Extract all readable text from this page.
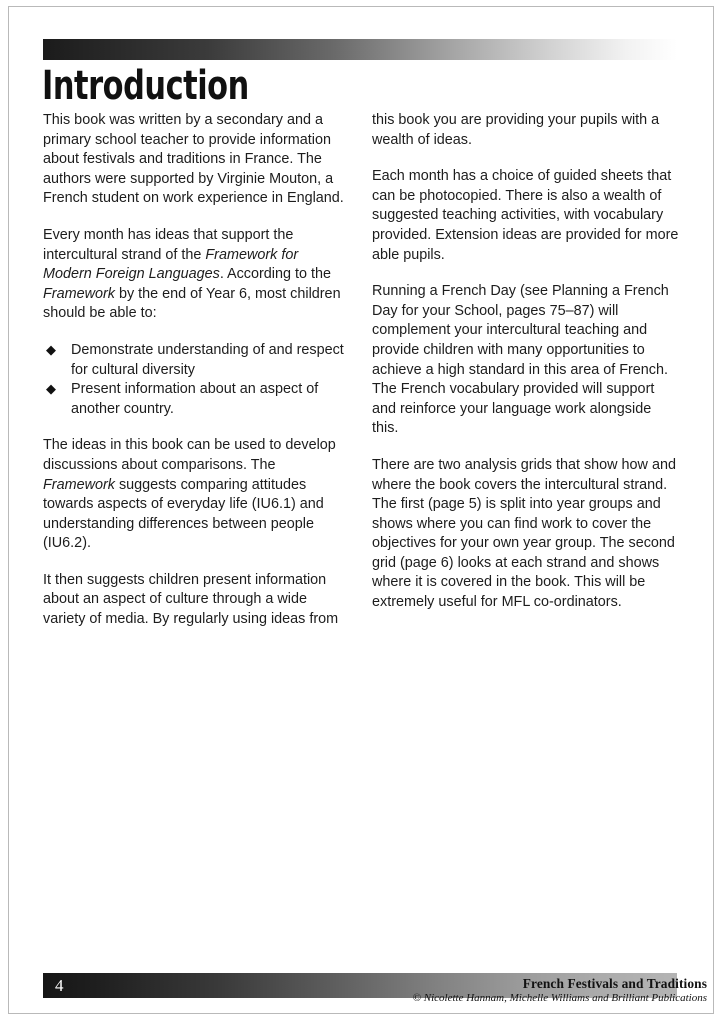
Introduction

This book was written by a secondary and a primary school teacher to provide information about festivals and traditions in France. The authors were supported by Virginie Mouton, a French student on work experience in England.

Every month has ideas that support the intercultural strand of the Framework for Modern Foreign Languages. According to the Framework by the end of Year 6, most children should be able to:

◆ Demonstrate understanding of and respect for cultural diversity
◆ Present information about an aspect of another country.

The ideas in this book can be used to develop discussions about comparisons. The Framework suggests comparing attitudes towards aspects of everyday life (IU6.1) and understanding differences between people (IU6.2).

It then suggests children present information about an aspect of culture through a wide variety of media. By regularly using ideas from

this book you are providing your pupils with a wealth of ideas.

Each month has a choice of guided sheets that can be photocopied. There is also a wealth of suggested teaching activities, with vocabulary provided. Extension ideas are provided for more able pupils.

Running a French Day (see Planning a French Day for your School, pages 75–87) will complement your intercultural teaching and provide children with many opportunities to achieve a high standard in this area of French. The French vocabulary provided will support and reinforce your language work alongside this.

There are two analysis grids that show how and where the book covers the intercultural strand. The first (page 5) is split into year groups and shows where you can find work to cover the objectives for your own year group. The second grid (page 6) looks at each strand and shows where it is covered in the book. This will be extremely useful for MFL co-ordinators.

4	French Festivals and Traditions
© Nicolette Hannam, Michelle Williams and Brilliant Publications
